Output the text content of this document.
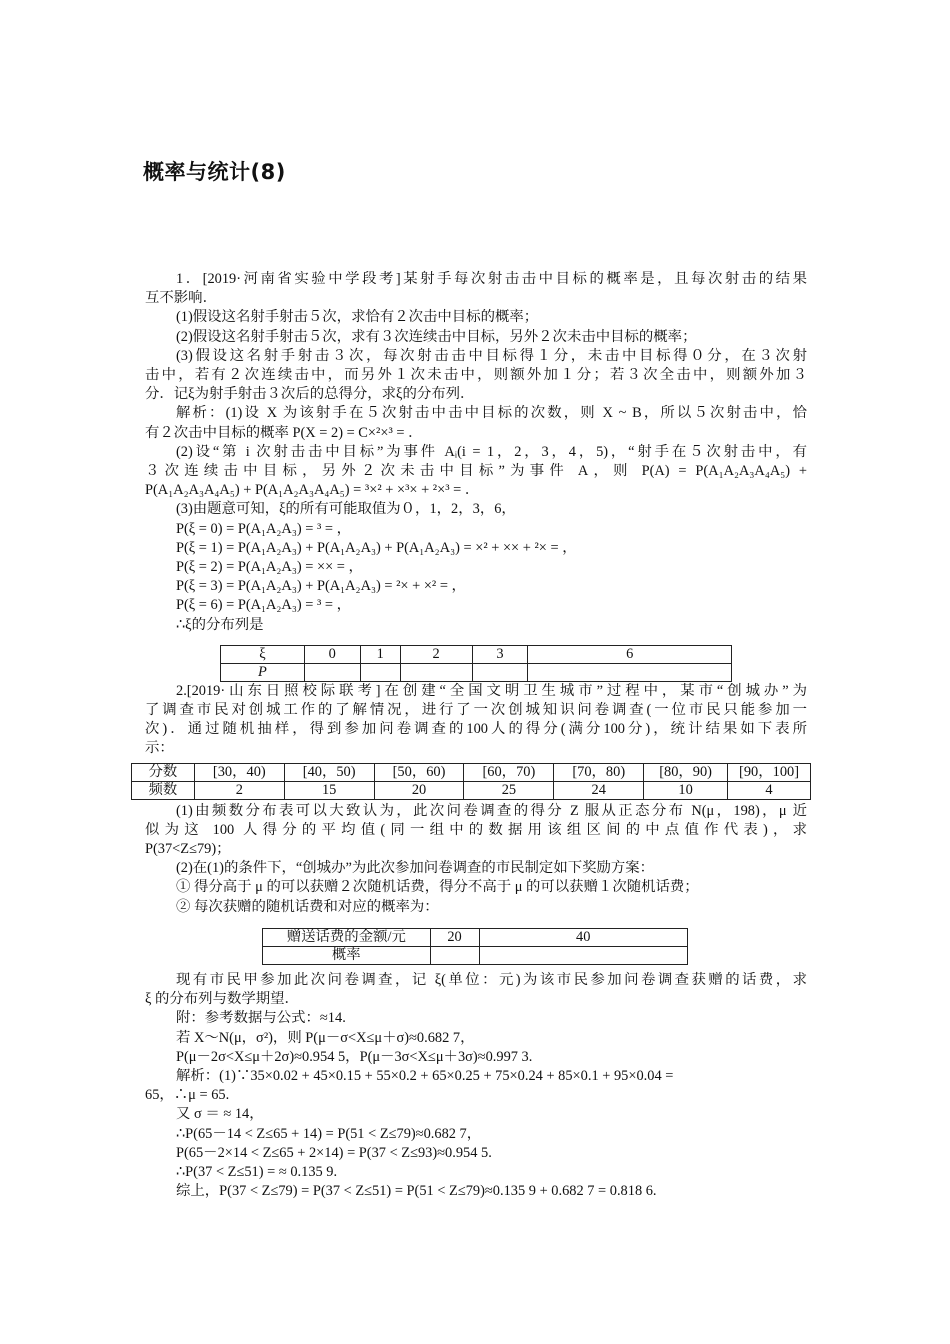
概率与统计(8)
1．[2019·河南省实验中学段考]某射手每次射击击中目标的概率是，且每次射击的结果
互不影响．
(1)假设这名射手射击５次，求恰有２次击中目标的概率；
(2)假设这名射手射击５次，求有３次连续击中目标，另外２次未击中目标的概率；
(3)假设这名射手射击３次，每次射击击中目标得１分，未击中目标得０分，在３次射
击中，若有２次连续击中，而另外１次未击中，则额外加１分；若３次全击中，则额外加３
分．记ξ为射手射击３次后的总得分，求ξ的分布列．
解析：(1)设 X 为该射手在５次射击中击中目标的次数，则 X ~ B，所以５次射击中，恰
有２次击中目标的概率 P(X = 2) = C×²×³ = ．
(2)设“第 i 次射击击中目标”为事件 Aᵢ(i = 1，2，3，4，5)，“射手在５次射击中，有
３次连续击中目标，另外２次未击中目标”为事件 A，则 P(A) = P(A₁A₂A₃A₄A₅) +
P(A₁A₂A₃A₄A₅) + P(A₁A₂A₃A₄A₅) = ³×² + ×³× + ²×³ = ．
(3)由题意可知，ξ的所有可能取值为０，1，2，3，6，
P(ξ = 0) = P(A₁A₂A₃) = ³ = ，
P(ξ = 1) = P(A₁A₂A₃) + P(A₁A₂A₃) + P(A₁A₂A₃) = ×² + ×× + ²× = ，
P(ξ = 2) = P(A₁A₂A₃) = ×× = ，
P(ξ = 3) = P(A₁A₂A₃) + P(A₁A₂A₃) = ²× + ×² = ，
P(ξ = 6) = P(A₁A₂A₃) = ³ = ，
∴ξ的分布列是
ξ	0	1	2	3	6
P					
2.[2019·山东日照校际联考]在创建“全国文明卫生城市”过程中，某市“创城办”为
了调查市民对创城工作的了解情况，进行了一次创城知识问卷调查(一位市民只能参加一
次)．通过随机抽样，得到参加问卷调查的100人的得分(满分100分)，统计结果如下表所
示：
分数	[30，40)	[40，50)	[50，60)	[60，70)	[70，80)	[80，90)	[90，100]
频数	2	15	20	25	24	10	4
(1)由频数分布表可以大致认为，此次问卷调查的得分 Z 服从正态分布 N(μ，198)，μ 近
似为这 100 人得分的平均值(同一组中的数据用该组区间的中点值作代表)，求
P(37<Z≤79)；
(2)在(1)的条件下，“创城办”为此次参加问卷调查的市民制定如下奖励方案：
① 得分高于 μ 的可以获赠２次随机话费，得分不高于 μ 的可以获赠１次随机话费；
② 每次获赠的随机话费和对应的概率为：
赠送话费的金额/元	20	40
概率		
现有市民甲参加此次问卷调查，记 ξ(单位：元)为该市民参加问卷调查获赠的话费，求
ξ 的分布列与数学期望．
附：参考数据与公式：≈14.
若 X～N(μ，σ²)，则 P(μ－σ<X≤μ＋σ)≈0.682 7，
P(μ－2σ<X≤μ＋2σ)≈0.954 5，P(μ－3σ<X≤μ＋3σ)≈0.997 3.
解析：(1)∵35×0.02 + 45×0.15 + 55×0.2 + 65×0.25 + 75×0.24 + 85×0.1 + 95×0.04 =
65，∴μ = 65.
又 σ ＝ ≈ 14，
∴P(65－14 < Z≤65 + 14) = P(51 < Z≤79)≈0.682 7，
P(65－2×14 < Z≤65 + 2×14) = P(37 < Z≤93)≈0.954 5.
∴P(37 < Z≤51) = ≈ 0.135 9.
综上，P(37 < Z≤79) = P(37 < Z≤51) = P(51 < Z≤79)≈0.135 9 + 0.682 7 = 0.818 6.
